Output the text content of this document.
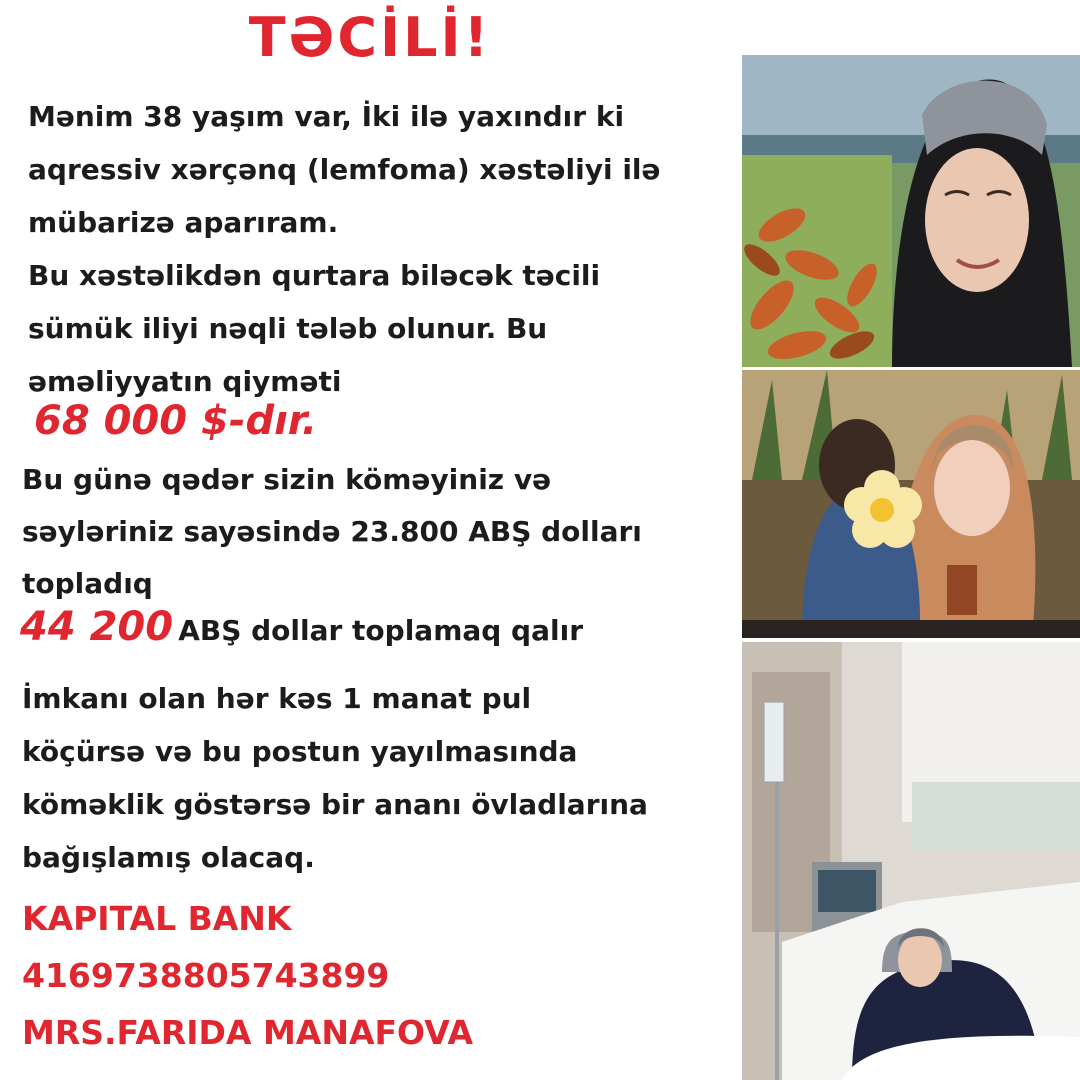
TƏCİLİ!
Mənim 38 yaşım var, İki ilə yaxındır ki
aqressiv xərçənq (lemfoma) xəstəliyi ilə
mübarizə aparıram.
Bu xəstəlikdən qurtara biləcək təcili
sümük iliyi nəqli tələb olunur. Bu
əməliyyatın qiyməti

68 000 $-dır.

Bu günə qədər sizin köməyiniz və
səyləriniz sayəsində 23.800 ABŞ dolları
topladıq

44 200 ABŞ dollar toplamaq qalır

İmkanı olan hər kəs 1 manat pul
köçürsə və bu postun yayılmasında
köməklik göstərsə bir ananı övladlarına
bağışlamış olacaq.
KAPITAL BANK
4169738805743899
MRS.FARIDA MANAFOVA
